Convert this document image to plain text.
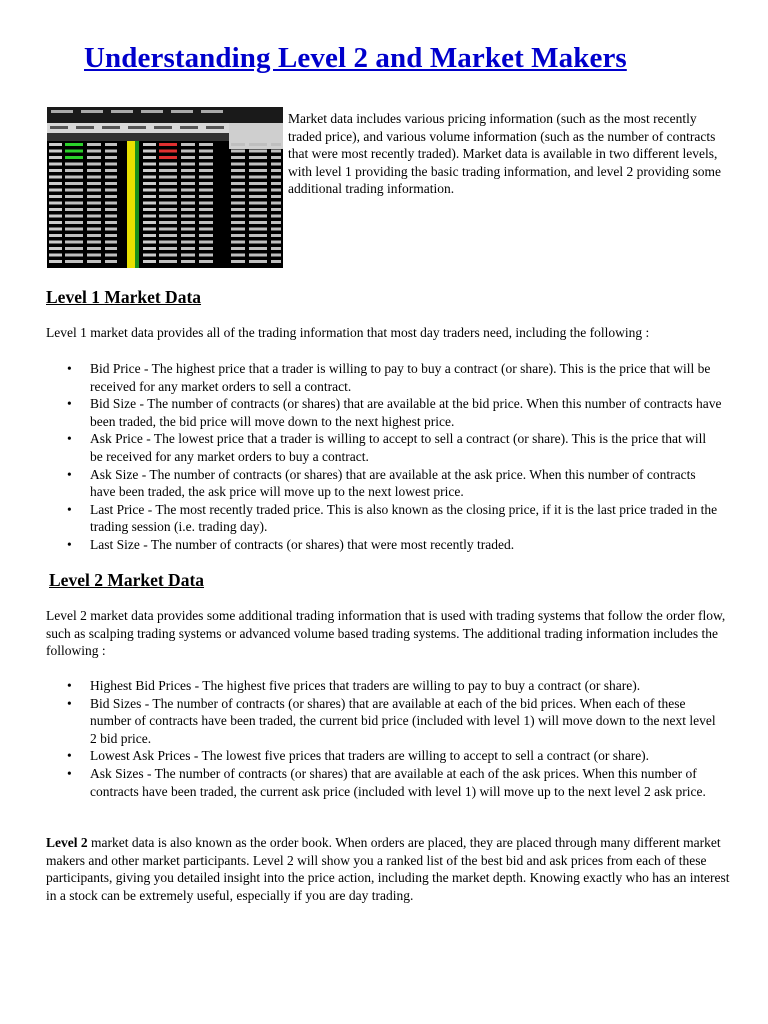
Understanding Level 2 and Market Makers

Market data includes various pricing information (such as the most recently traded price), and various volume information (such as the number of contracts that were most recently traded). Market data is available in two different levels, with level 1 providing the basic trading information, and level 2 providing some additional trading information.

Level 1 Market Data

Level 1 market data provides all of the trading information that most day traders need, including the following :

• Bid Price - The highest price that a trader is willing to pay to buy a contract (or share). This is the price that will be received for any market orders to sell a contract.
• Bid Size - The number of contracts (or shares) that are available at the bid price. When this number of contracts have been traded, the bid price will move down to the next highest price.
• Ask Price - The lowest price that a trader is willing to accept to sell a contract (or share). This is the price that will be received for any market orders to buy a contract.
• Ask Size - The number of contracts (or shares) that are available at the ask price. When this number of contracts have been traded, the ask price will move up to the next lowest price.
• Last Price - The most recently traded price. This is also known as the closing price, if it is the last price traded in the trading session (i.e. trading day).
• Last Size - The number of contracts (or shares) that were most recently traded.
Level 2 Market Data

Level 2 market data provides some additional trading information that is used with trading systems that follow the order flow, such as scalping trading systems or advanced volume based trading systems. The additional trading information includes the following :

• Highest Bid Prices - The highest five prices that traders are willing to pay to buy a contract (or share).
• Bid Sizes - The number of contracts (or shares) that are available at each of the bid prices. When each of these number of contracts have been traded, the current bid price (included with level 1) will move down to the next level 2 bid price.
• Lowest Ask Prices - The lowest five prices that traders are willing to accept to sell a contract (or share).
• Ask Sizes - The number of contracts (or shares) that are available at each of the ask prices. When this number of contracts have been traded, the current ask price (included with level 1) will move up to the next level 2 ask price.

Level 2 market data is also known as the order book. When orders are placed, they are placed through many different market makers and other market participants. Level 2 will show you a ranked list of the best bid and ask prices from each of these participants, giving you detailed insight into the price action, including the market depth. Knowing exactly who has an interest in a stock can be extremely useful, especially if you are day trading.
